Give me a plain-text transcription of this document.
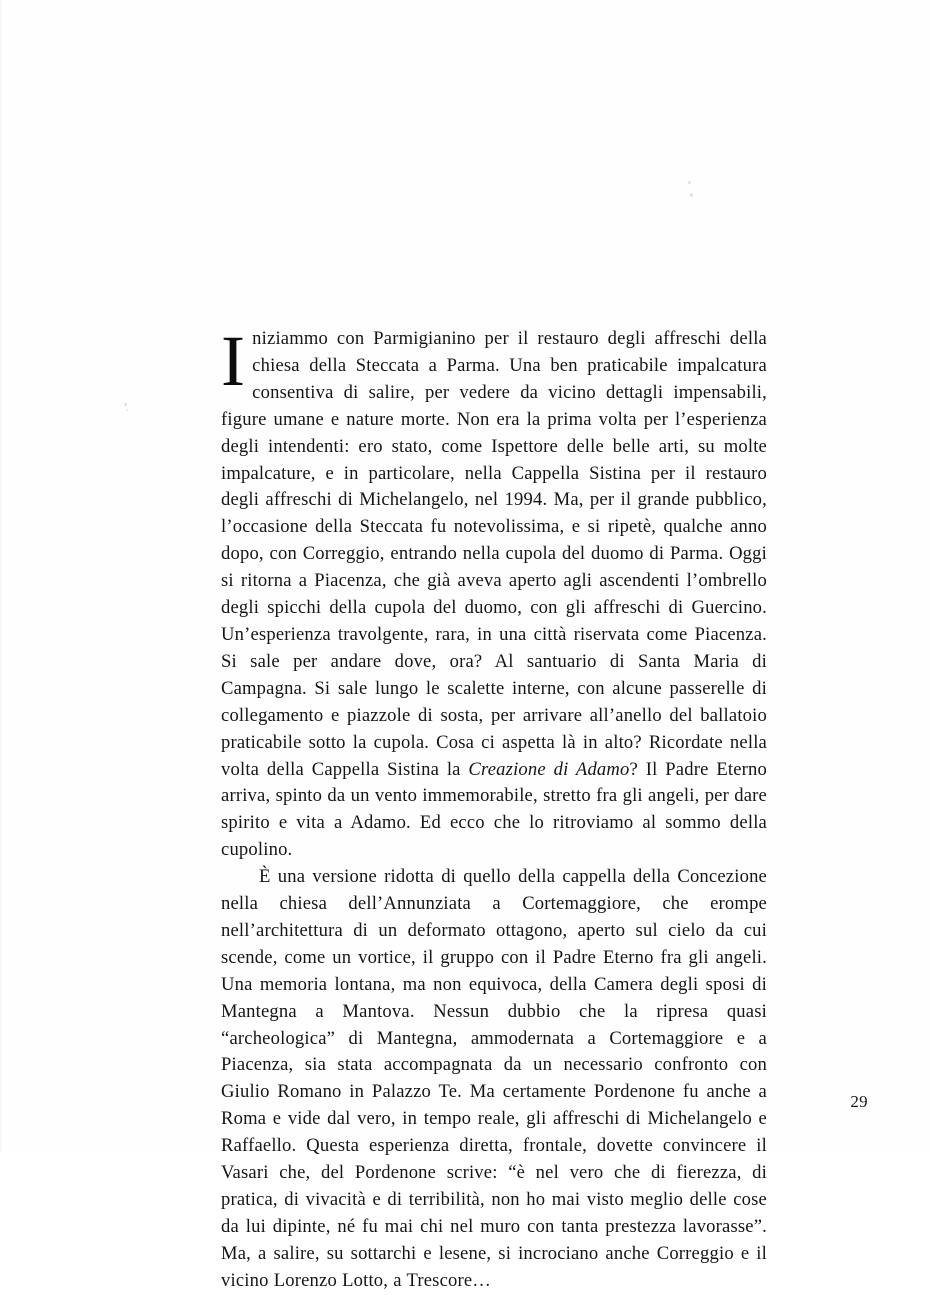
Iniziammo con Parmigianino per il restauro degli affreschi della chiesa della Steccata a Parma. Una ben praticabile impalcatura consentiva di salire, per vedere da vicino dettagli impensabili, figure umane e nature morte. Non era la prima volta per l’esperienza degli intendenti: ero stato, come Ispettore delle belle arti, su molte impalcature, e in particolare, nella Cappella Sistina per il restauro degli affreschi di Michelangelo, nel 1994. Ma, per il grande pubblico, l’occasione della Steccata fu notevolissima, e si ripetè, qualche anno dopo, con Correggio, entrando nella cupola del duomo di Parma. Oggi si ritorna a Piacenza, che già aveva aperto agli ascendenti l’ombrello degli spicchi della cupola del duomo, con gli affreschi di Guercino. Un’esperienza travolgente, rara, in una città riservata come Piacenza. Si sale per andare dove, ora? Al santuario di Santa Maria di Campagna. Si sale lungo le scalette interne, con alcune passerelle di collegamento e piazzole di sosta, per arrivare all’anello del ballatoio praticabile sotto la cupola. Cosa ci aspetta là in alto? Ricordate nella volta della Cappella Sistina la Creazione di Adamo? Il Padre Eterno arriva, spinto da un vento immemorabile, stretto fra gli angeli, per dare spirito e vita a Adamo. Ed ecco che lo ritroviamo al sommo della cupolino.

È una versione ridotta di quello della cappella della Concezione nella chiesa dell’Annunziata a Cortemaggiore, che erompe nell’architettura di un deformato ottagono, aperto sul cielo da cui scende, come un vortice, il gruppo con il Padre Eterno fra gli angeli. Una memoria lontana, ma non equivoca, della Camera degli sposi di Mantegna a Mantova. Nessun dubbio che la ripresa quasi “archeologica” di Mantegna, ammodernata a Cortemaggiore e a Piacenza, sia stata accompagnata da un necessario confronto con Giulio Romano in Palazzo Te. Ma certamente Pordenone fu anche a Roma e vide dal vero, in tempo reale, gli affreschi di Michelangelo e Raffaello. Questa esperienza diretta, frontale, dovette convincere il Vasari che, del Pordenone scrive: “è nel vero che di fierezza, di pratica, di vivacità e di terribilità, non ho mai visto meglio delle cose da lui dipinte, né fu mai chi nel muro con tanta prestezza lavorasse”. Ma, a salire, su sottarchi e lesene, si incrociano anche Correggio e il vicino Lorenzo Lotto, a Trescore…

29
